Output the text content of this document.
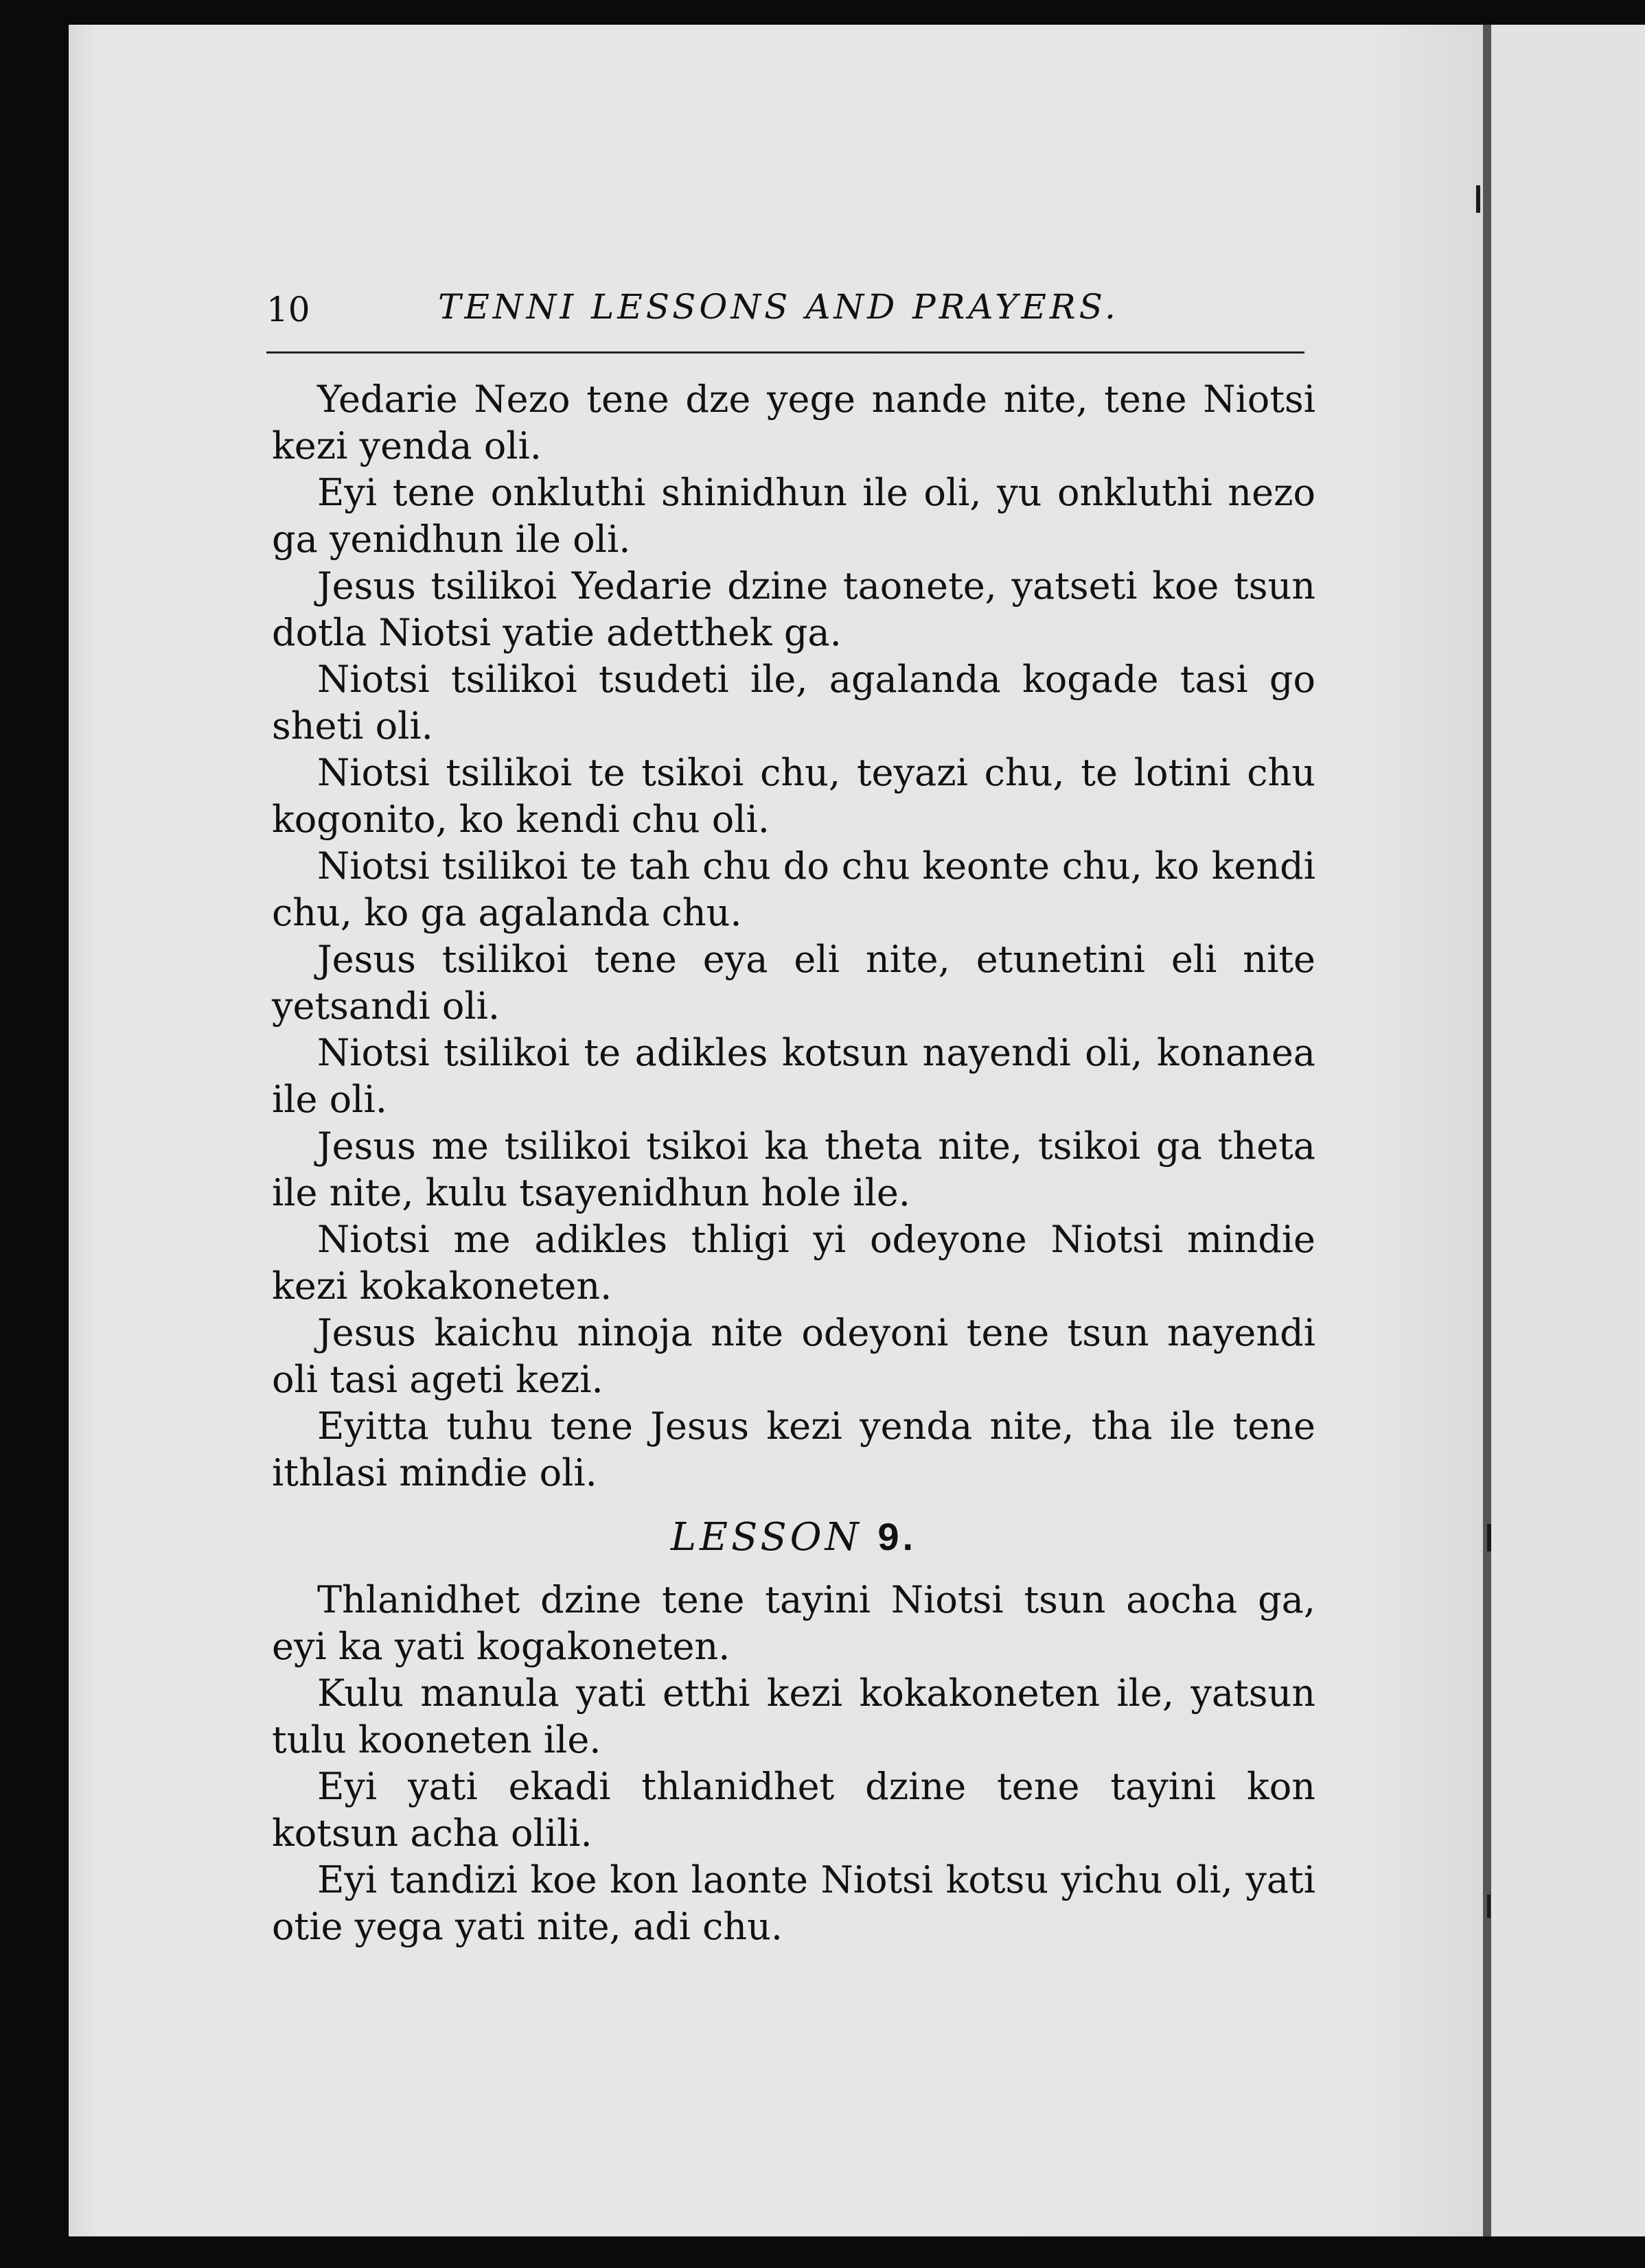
10	TENNI LESSONS AND PRAYERS.

Yedarie Nezo tene dze yege nande nite, tene Niotsi kezi yenda oli.

Eyi tene onkluthi shinidhun ile oli, yu onkluthi nezo ga yenidhun ile oli.

Jesus tsilikoi Yedarie dzine taonete, yatseti koe tsun dotla Niotsi yatie adetthek ga.

Niotsi tsilikoi tsudeti ile, agalanda kogade tasi go sheti oli.

Niotsi tsilikoi te tsikoi chu, teyazi chu, te lotini chu kogonito, ko kendi chu oli.

Niotsi tsilikoi te tah chu do chu keonte chu, ko kendi chu, ko ga agalanda chu.

Jesus tsilikoi tene eya eli nite, etunetini eli nite yetsandi oli.

Niotsi tsilikoi te adikles kotsun nayendi oli, konanea ile oli.

Jesus me tsilikoi tsikoi ka theta nite, tsikoi ga theta ile nite, kulu tsayenidhun hole ile.

Niotsi me adikles thligi yi odeyone Niotsi mindie kezi kokakoneten.

Jesus kaichu ninoja nite odeyoni tene tsun nayendi oli tasi ageti kezi.

Eyitta tuhu tene Jesus kezi yenda nite, tha ile tene ithlasi mindie oli.

LESSON 9.

Thlanidhet dzine tene tayini Niotsi tsun aocha ga, eyi ka yati kogakoneten.

Kulu manula yati etthi kezi kokakoneten ile, yatsun tulu kooneten ile.

Eyi yati ekadi thlanidhet dzine tene tayini kon kotsun acha olili.

Eyi tandizi koe kon laonte Niotsi kotsu yichu oli, yati otie yega yati nite, adi chu.
